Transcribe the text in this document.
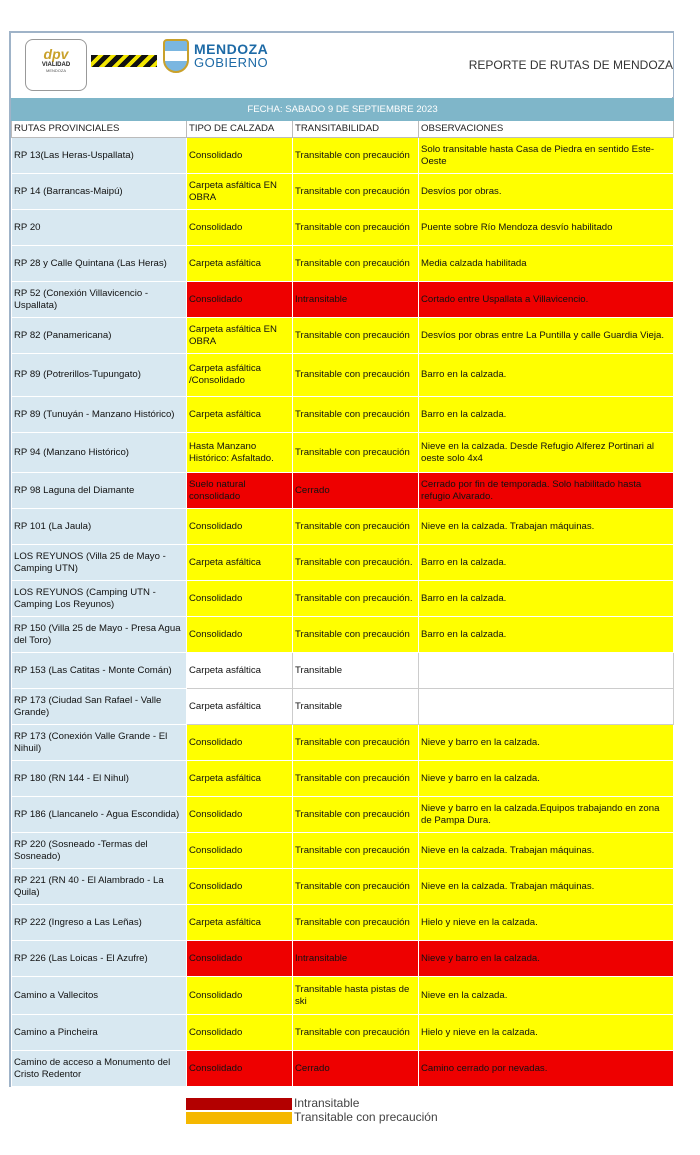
dpv
VIALIDAD
MENDOZA
MENDOZA
GOBIERNO	REPORTE DE RUTAS DE MENDOZA
FECHA: SABADO 9 DE SEPTIEMBRE 2023			
RUTAS PROVINCIALES	TIPO DE CALZADA	TRANSITABILIDAD	OBSERVACIONES
RP 13(Las Heras-Uspallata)	Consolidado	Transitable con precaución	Solo transitable hasta Casa de Piedra en sentido Este-Oeste
RP 14 (Barrancas-Maipú)	Carpeta asfáltica EN OBRA	Transitable con precaución	Desvíos por obras.
RP 20	Consolidado	Transitable con precaución	Puente sobre Río Mendoza desvío habilitado
RP 28 y Calle Quintana (Las Heras)	Carpeta asfáltica	Transitable con precaución	Media calzada habilitada
RP 52 (Conexión Villavicencio - Uspallata)	Consolidado	Intransitable	Cortado entre Uspallata a Villavicencio.
RP 82 (Panamericana)	Carpeta asfáltica EN OBRA	Transitable con precaución	Desvíos por obras entre La Puntilla y calle Guardia Vieja.
RP 89 (Potrerillos-Tupungato)	Carpeta asfáltica /Consolidado	Transitable con precaución	Barro en la calzada.
RP 89 (Tunuyán - Manzano Histórico)	Carpeta asfáltica	Transitable con precaución	Barro en la calzada.
RP 94 (Manzano Histórico)	Hasta Manzano Histórico: Asfaltado.	Transitable con precaución	Nieve en la calzada. Desde Refugio Alferez Portinari al oeste solo 4x4
RP 98 Laguna del Diamante	Suelo natural consolidado	Cerrado	Cerrado por fin de temporada. Solo habilitado hasta refugio Alvarado.
RP 101 (La Jaula)	Consolidado	Transitable con precaución	Nieve en la calzada. Trabajan máquinas.
LOS REYUNOS (Villa 25 de Mayo - Camping UTN)	Carpeta asfáltica	Transitable con precaución.	Barro en la calzada.
LOS REYUNOS (Camping UTN - Camping Los Reyunos)	Consolidado	Transitable con precaución.	Barro en la calzada.
RP 150 (Villa 25 de Mayo - Presa Agua del Toro)	Consolidado	Transitable con precaución	Barro en la calzada.
RP 153 (Las Catitas - Monte Comán)	Carpeta asfáltica	Transitable	
RP 173 (Ciudad San Rafael - Valle Grande)	Carpeta asfáltica	Transitable	
RP 173 (Conexión Valle Grande - El Nihuil)	Consolidado	Transitable con precaución	Nieve y barro en la calzada.
RP 180 (RN 144 - El Nihul)	Carpeta asfáltica	Transitable con precaución	Nieve y barro en la calzada.
RP 186 (Llancanelo - Agua Escondida)	Consolidado	Transitable con precaución	Nieve y barro en la calzada.Equipos trabajando en zona de Pampa Dura.
RP 220 (Sosneado -Termas del Sosneado)	Consolidado	Transitable con precaución	Nieve en la calzada. Trabajan máquinas.
RP 221 (RN 40 - El Alambrado - La Quila)	Consolidado	Transitable con precaución	Nieve en la calzada. Trabajan máquinas.
RP 222 (Ingreso a Las Leñas)	Carpeta asfáltica	Transitable con precaución	Hielo y nieve en la calzada.
RP 226 (Las Loicas - El Azufre)	Consolidado	Intransitable	Nieve y barro en la calzada.
Camino a Vallecitos	Consolidado	Transitable hasta pistas de ski	Nieve en la calzada.
Camino a Pincheira	Consolidado	Transitable con precaución	Hielo y nieve en la calzada.
Camino de acceso a Monumento del Cristo Redentor	Consolidado	Cerrado	Camino cerrado por nevadas.
Intransitable
Transitable con precaución
